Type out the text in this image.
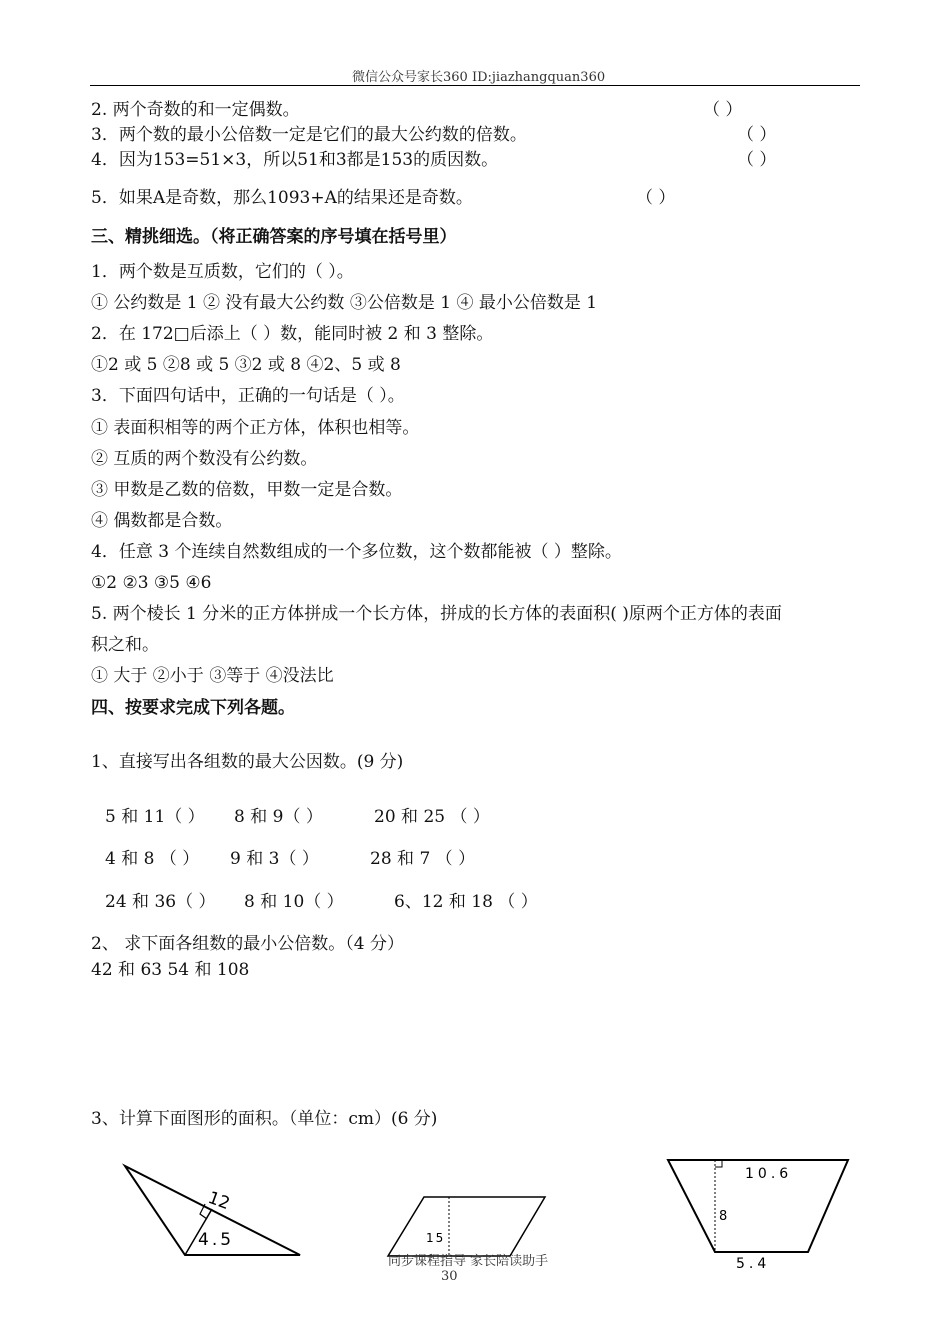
微信公众号家长360 ID:jiazhangquan360
2. 两个奇数的和一定偶数。	（ ）
3．两个数的最小公倍数一定是它们的最大公约数的倍数。	（ ）
4．因为153=51×3，所以51和3都是153的质因数。	（ ）
5．如果A是奇数，那么1093+A的结果还是奇数。	（ ）
三、精挑细选。（将正确答案的序号填在括号里）
1．两个数是互质数，它们的（ ）。
① 公约数是 1 ② 没有最大公约数 ③公倍数是 1 ④ 最小公倍数是 1
2．在 172□后添上（ ）数，能同时被 2 和 3 整除。
①2 或 5 ②8 或 5 ③2 或 8 ④2、5 或 8
3．下面四句话中，正确的一句话是（ ）。
① 表面积相等的两个正方体，体积也相等。
② 互质的两个数没有公约数。
③ 甲数是乙数的倍数，甲数一定是合数。
④ 偶数都是合数。
4．任意 3 个连续自然数组成的一个多位数，这个数都能被（ ）整除。
①2 ②3 ③5 ④6
5. 两个棱长 1 分米的正方体拼成一个长方体，拼成的长方体的表面积( )原两个正方体的表面
积之和。
① 大于 ②小于 ③等于 ④没法比
四、按要求完成下列各题。
1、直接写出各组数的最大公因数。(9 分)
5 和 11（ ） 8 和 9（ ）	20 和 25 （ ）
4 和 8 （ ） 9 和 3（ ）	28 和 7 （ ）
24 和 36（ ） 8 和 10（ ）	6、12 和 18 （ ）
2、 求下面各组数的最小公倍数。（4 分）
42 和 63 54 和 108
3、计算下面图形的面积。（单位：cm）(6 分)
12
4.5	15
10.6
8
5.4
同步课程指导 家长陪读助手
30
